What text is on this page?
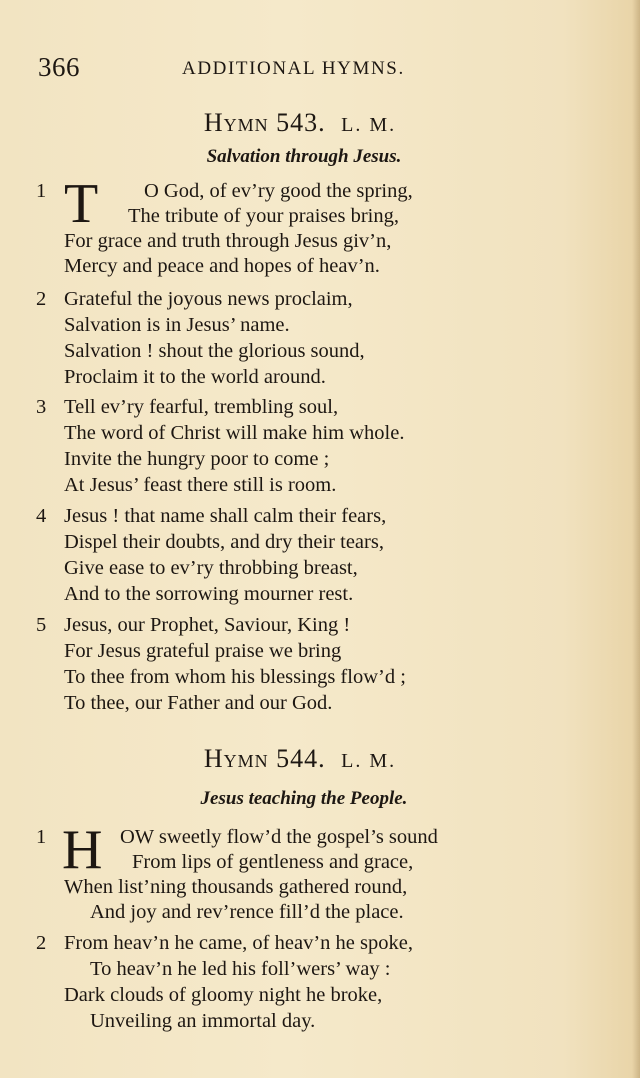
366	ADDITIONAL HYMNS.
Hymn 543. L. M.
Salvation through Jesus.
1 T O God, of ev’ry good the spring,
The tribute of your praises bring,
For grace and truth through Jesus giv’n,
Mercy and peace and hopes of heav’n.
2 Grateful the joyous news proclaim,
Salvation is in Jesus’ name.
Salvation ! shout the glorious sound,
Proclaim it to the world around.
3 Tell ev’ry fearful, trembling soul,
The word of Christ will make him whole.
Invite the hungry poor to come ;
At Jesus’ feast there still is room.
4 Jesus ! that name shall calm their fears,
Dispel their doubts, and dry their tears,
Give ease to ev’ry throbbing breast,
And to the sorrowing mourner rest.
5 Jesus, our Prophet, Saviour, King !
For Jesus grateful praise we bring
To thee from whom his blessings flow’d ;
To thee, our Father and our God.
Hymn 544. L. M.
Jesus teaching the People.
1 H OW sweetly flow’d the gospel’s sound
From lips of gentleness and grace,
When list’ning thousands gathered round,
And joy and rev’rence fill’d the place.
2 From heav’n he came, of heav’n he spoke,
To heav’n he led his foll’wers’ way :
Dark clouds of gloomy night he broke,
Unveiling an immortal day.
